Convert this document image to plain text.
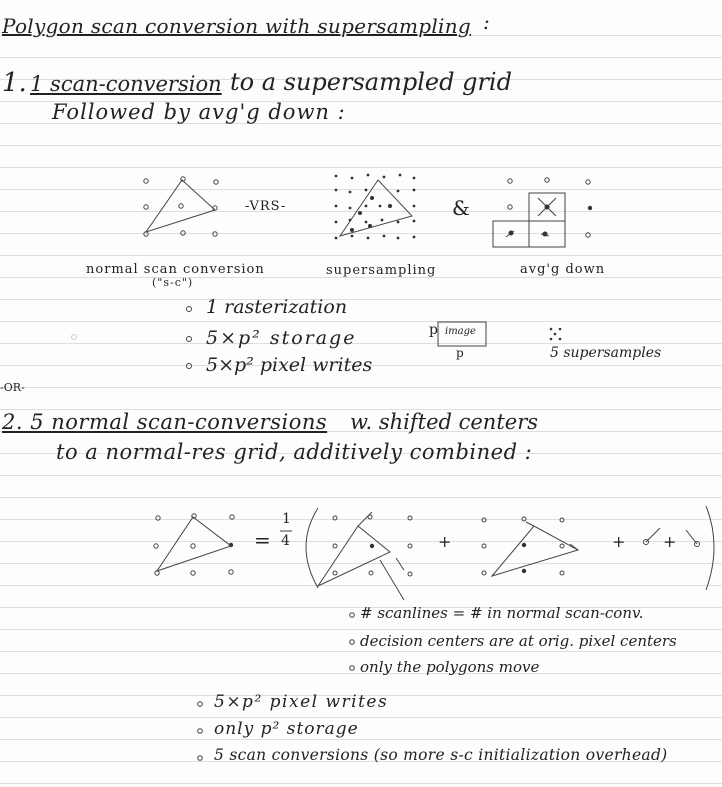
Polygon scan conversion with supersampling :
1. 1 scan-conversion to a supersampled grid
Followed by avg'g down :
normal scan conversion
("s-c")
-VRS-	&
supersampling	avg'g down
1 rasterization
5×p² storage
5×p² pixel writes
p image
p	5 supersamples
-OR-
2. 5 normal scan-conversions w. shifted centers
to a normal-res grid, additively combined :
=
1
4	+	+ +
# scanlines = # in normal scan-conv.
decision centers are at orig. pixel centers
only the polygons move
5×p² pixel writes
only p² storage
5 scan conversions (so more s-c initialization overhead)
